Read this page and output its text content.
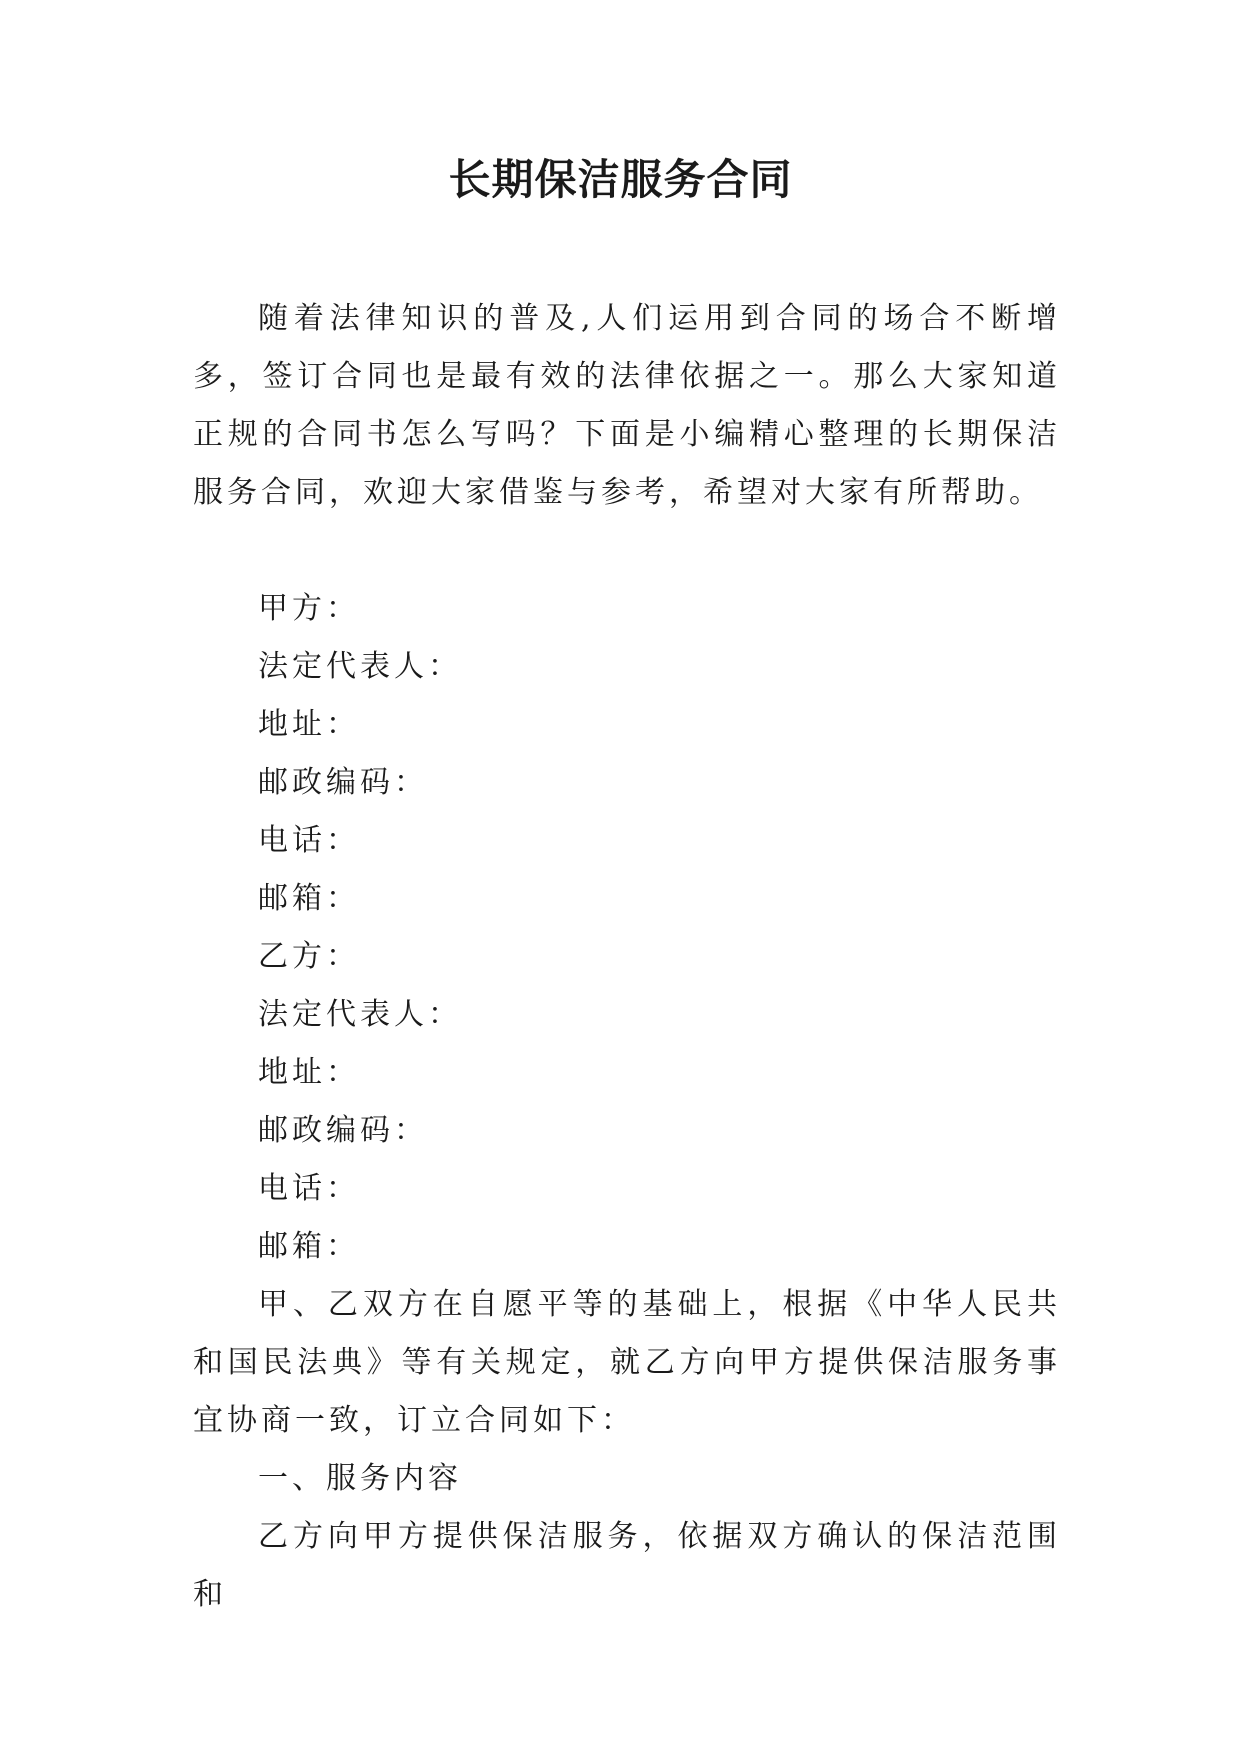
长期保洁服务合同

随着法律知识的普及,人们运用到合同的场合不断增多，签订合同也是最有效的法律依据之一。那么大家知道正规的合同书怎么写吗？下面是小编精心整理的长期保洁服务合同，欢迎大家借鉴与参考，希望对大家有所帮助。

甲方：

法定代表人：

地址：

邮政编码：

电话：

邮箱：

乙方：

法定代表人：

地址：

邮政编码：

电话：

邮箱：

甲、乙双方在自愿平等的基础上，根据《中华人民共和国民法典》等有关规定，就乙方向甲方提供保洁服务事宜协商一致，订立合同如下：

一、服务内容

乙方向甲方提供保洁服务，依据双方确认的保洁范围和
